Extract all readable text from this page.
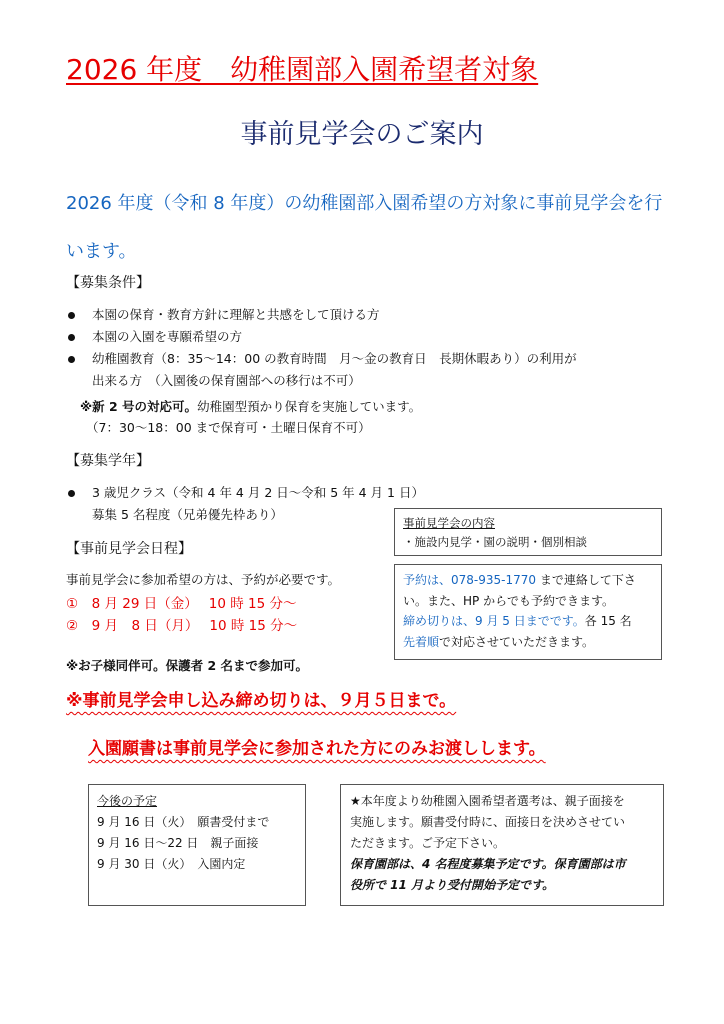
2026 年度　幼稚園部入園希望者対象
事前見学会のご案内
2026 年度（令和 8 年度）の幼稚園部入園希望の方対象に事前見学会を行います。
【募集条件】
本園の保育・教育方針に理解と共感をして頂ける方
本園の入園を専願希望の方
幼稚園教育（8：35～14：00 の教育時間　月～金の教育日　長期休暇あり）の利用が
出来る方　（入園後の保育園部への移行は不可）
※新 2 号の対応可。幼稚園型預かり保育を実施しています。
（7：30～18：00 まで保育可・土曜日保育不可）
【募集学年】
3 歳児クラス（令和 4 年 4 月 2 日～令和 5 年 4 月 1 日）
募集 5 名程度（兄弟優先枠あり）
【事前見学会日程】
事前見学会に参加希望の方は、予約が必要です。
①　8 月 29 日（金）　 10 時 15 分～
②　9 月　8 日（月）　 10 時 15 分～
※お子様同伴可。保護者 2 名まで参加可。
事前見学会の内容
・施設内見学・園の説明・個別相談
予約は、078-935-1770 まで連絡して下さ
い。また、HP からでも予約できます。
締め切りは、9 月 5 日までです。各 15 名
先着順で対応させていただきます。
※事前見学会申し込み締め切りは、９月５日まで。
入園願書は事前見学会に参加された方にのみお渡しします。
今後の予定
9 月 16 日（火）　願書受付まで
9 月 16 日～22 日　親子面接
9 月 30 日（火）　入園内定
★本年度より幼稚園入園希望者選考は、親子面接を
実施します。願書受付時に、面接日を決めさせてい
ただきます。ご予定下さい。
保育園部は、4 名程度募集予定です。保育園部は市
役所で 11 月より受付開始予定です。
